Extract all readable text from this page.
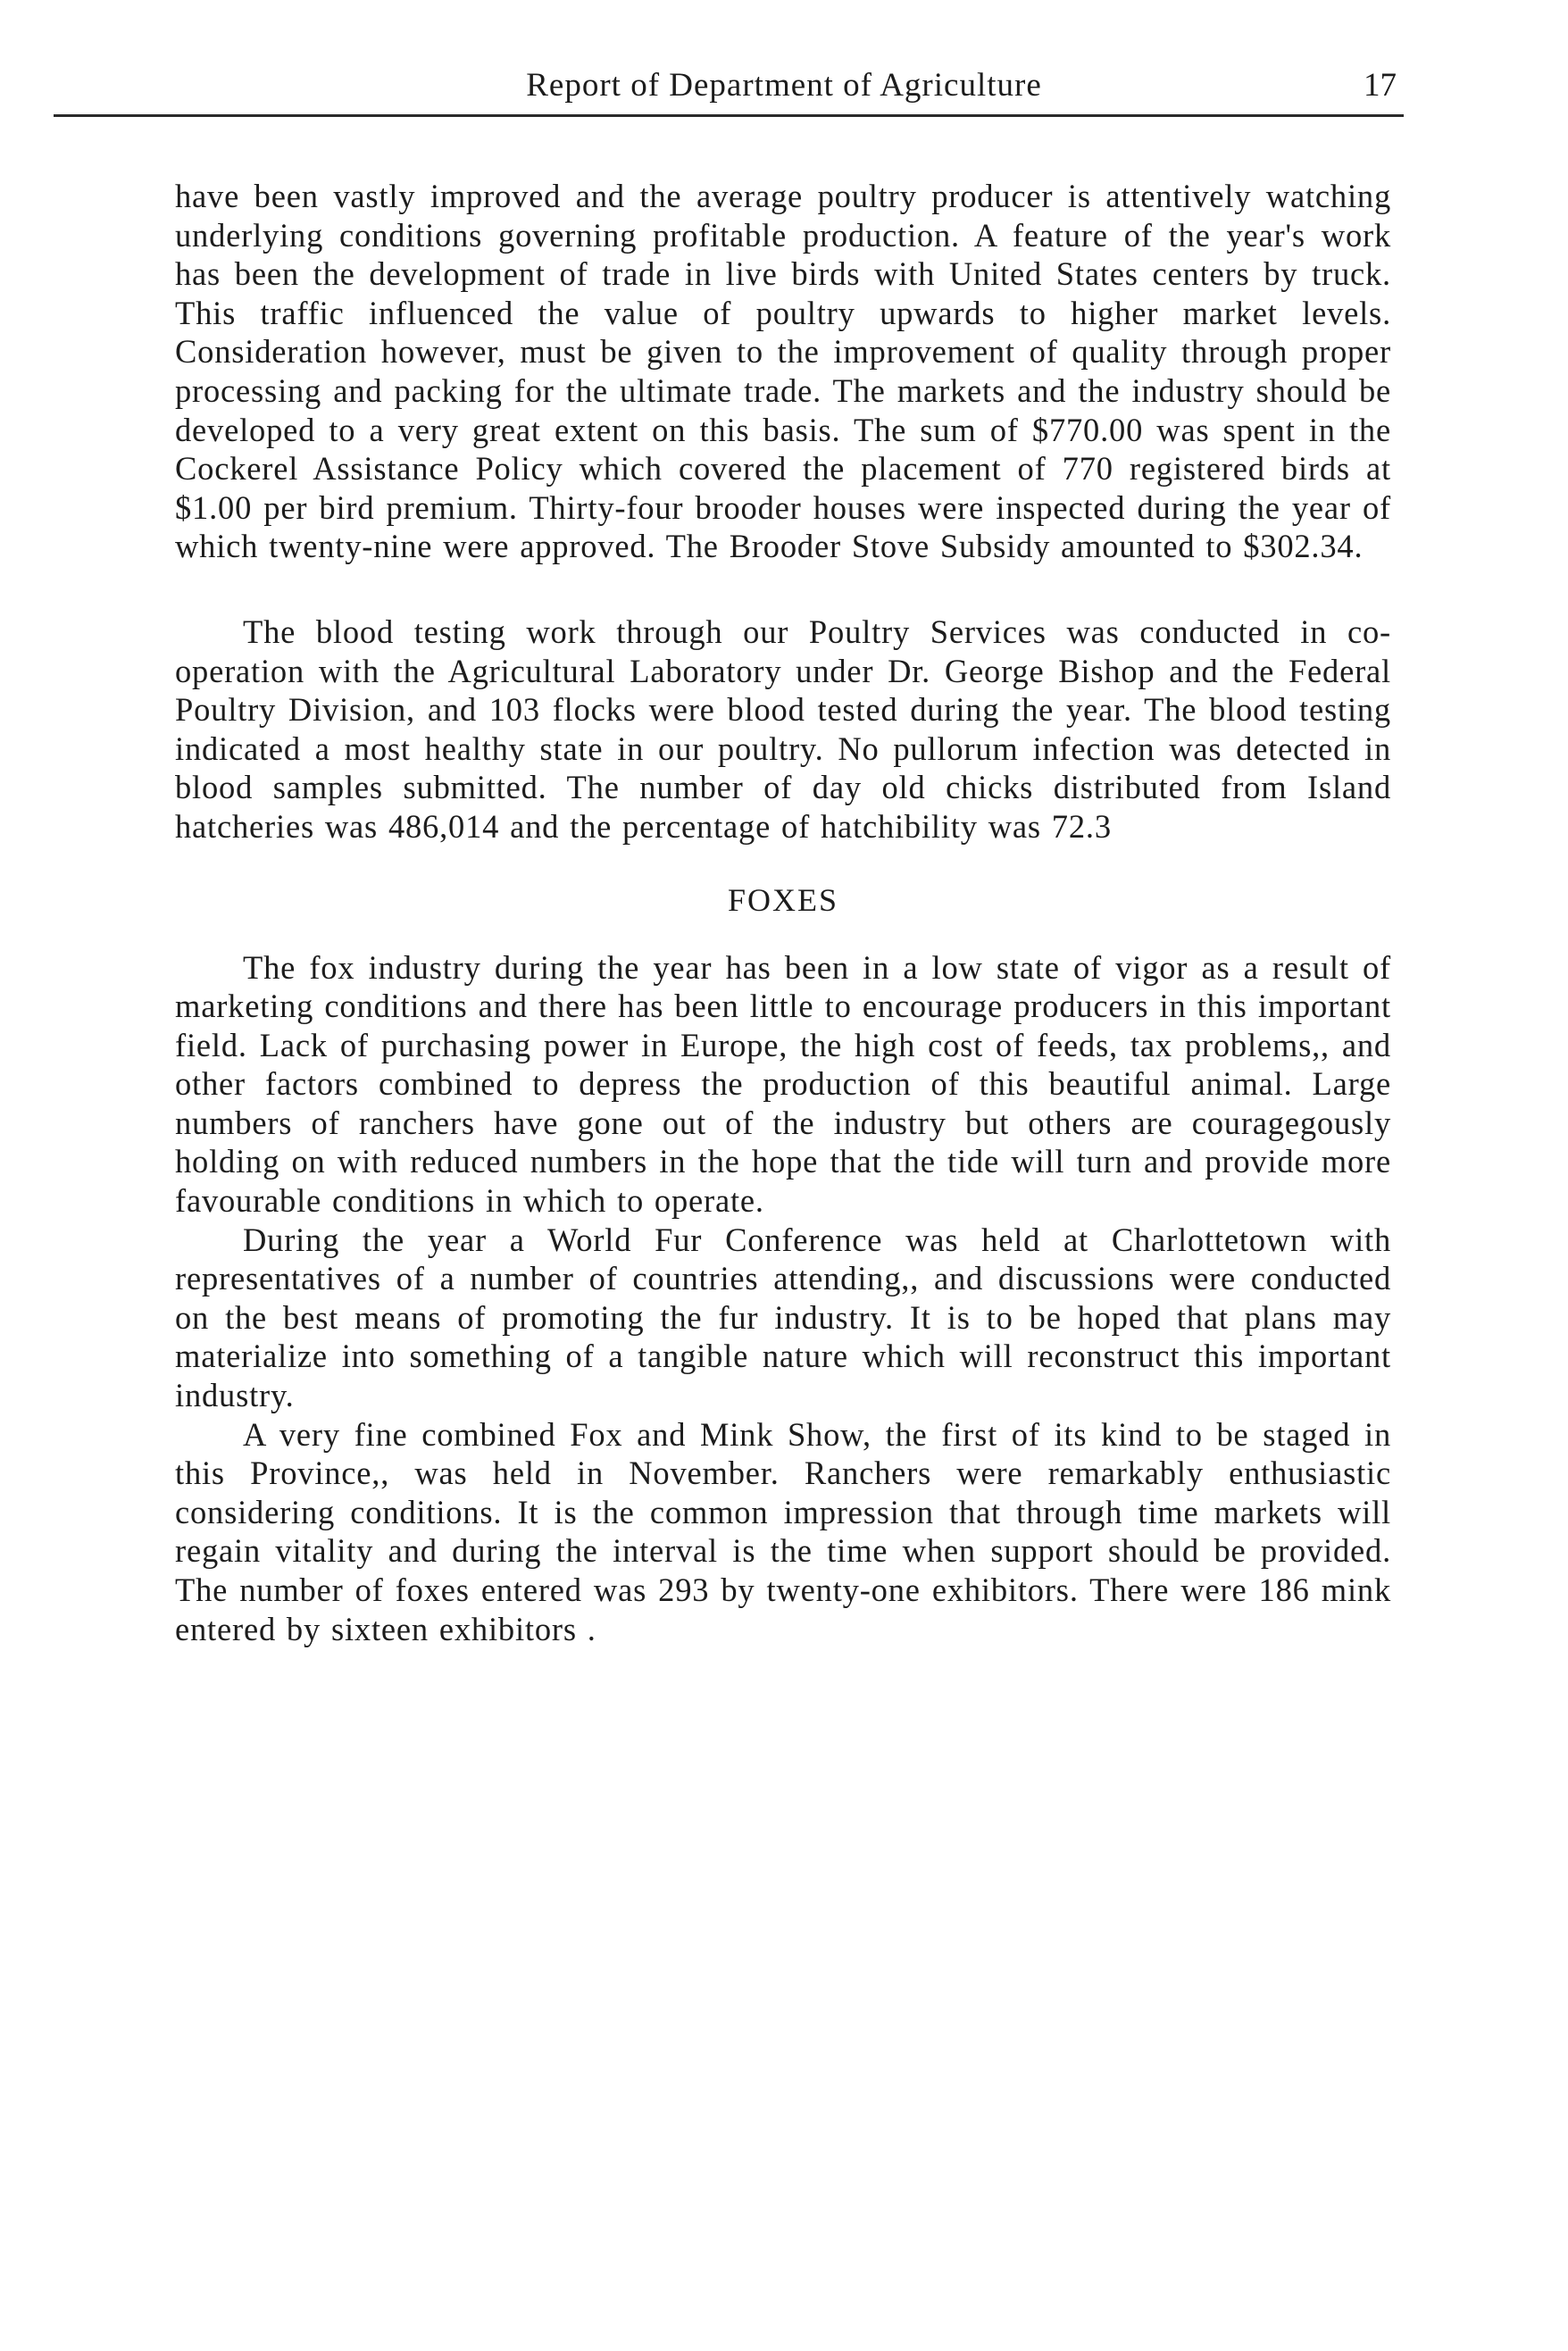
Report of Department of Agriculture	17

have been vastly improved and the average poultry producer is attentively watching underlying conditions governing profitable production. A feature of the year's work has been the development of trade in live birds with United States centers by truck. This traffic influenced the value of poultry upwards to higher market levels. Consideration however, must be given to the improvement of quality through proper processing and packing for the ultimate trade. The markets and the industry should be developed to a very great extent on this basis. The sum of $770.00 was spent in the Cockerel Assistance Policy which covered the placement of 770 registered birds at $1.00 per bird premium. Thirty-four brooder houses were inspected during the year of which twenty-nine were approved. The Brooder Stove Subsidy amounted to $302.34.

The blood testing work through our Poultry Services was conducted in co-operation with the Agricultural Laboratory under Dr. George Bishop and the Federal Poultry Division, and 103 flocks were blood tested during the year. The blood testing indicated a most healthy state in our poultry. No pullorum infection was detected in blood samples submitted. The number of day old chicks distributed from Island hatcheries was 486,014 and the percentage of hatchibility was 72.3

FOXES

The fox industry during the year has been in a low state of vigor as a result of marketing conditions and there has been little to encourage producers in this important field. Lack of purchasing power in Europe, the high cost of feeds, tax problems,, and other factors combined to depress the production of this beautiful animal. Large numbers of ranchers have gone out of the industry but others are couragegously holding on with reduced numbers in the hope that the tide will turn and provide more favourable conditions in which to operate.

During the year a World Fur Conference was held at Charlottetown with representatives of a number of countries attending,, and discussions were conducted on the best means of promoting the fur industry. It is to be hoped that plans may materialize into something of a tangible nature which will reconstruct this important industry.

A very fine combined Fox and Mink Show, the first of its kind to be staged in this Province,, was held in November. Ranchers were remarkably enthusiastic considering conditions. It is the common impression that through time markets will regain vitality and during the interval is the time when support should be provided. The number of foxes entered was 293 by twenty-one exhibitors. There were 186 mink entered by sixteen exhibitors .
